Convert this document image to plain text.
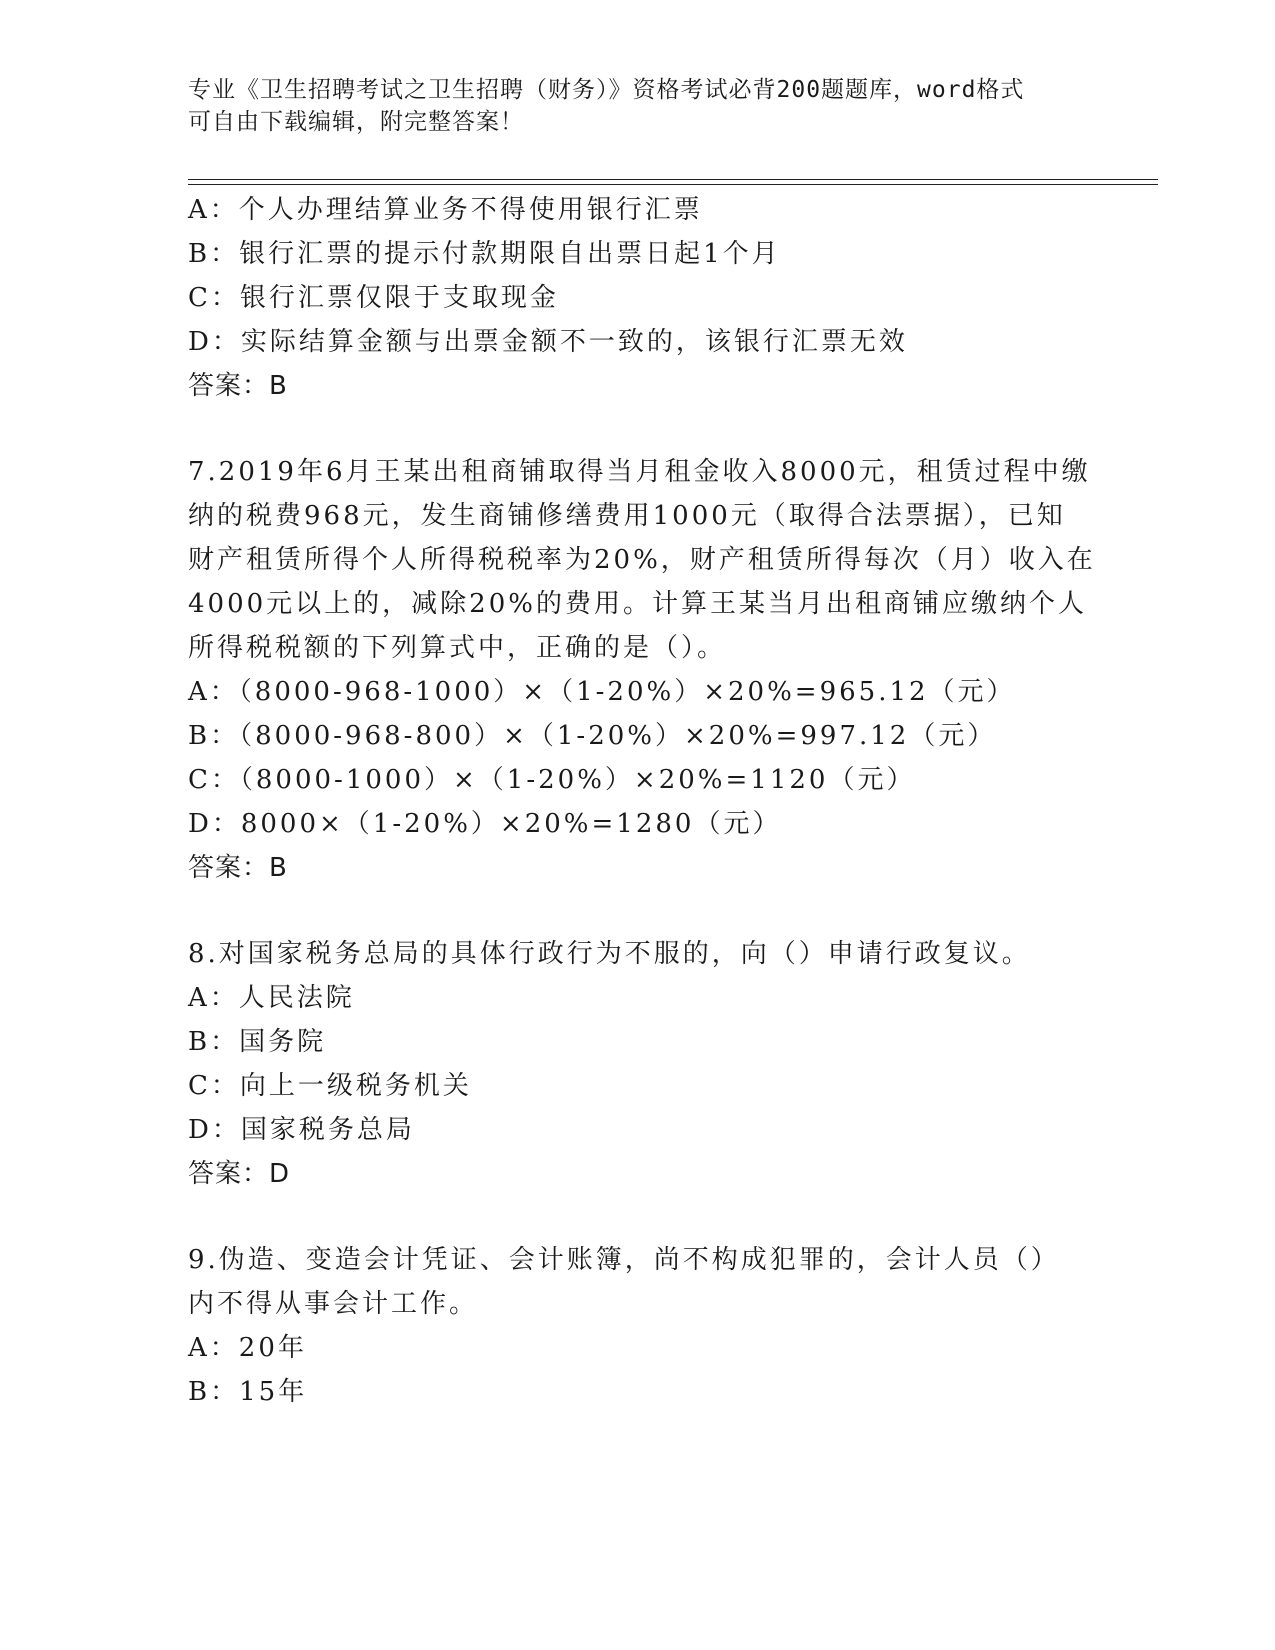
专业《卫生招聘考试之卫生招聘（财务）》资格考试必背200题题库，word格式
可自由下载编辑，附完整答案！
A：个人办理结算业务不得使用银行汇票
B：银行汇票的提示付款期限自出票日起1个月
C：银行汇票仅限于支取现金
D：实际结算金额与出票金额不一致的，该银行汇票无效
答案：B
7.2019年6月王某出租商铺取得当月租金收入8000元，租赁过程中缴
纳的税费968元，发生商铺修缮费用1000元（取得合法票据），已知
财产租赁所得个人所得税税率为20%，财产租赁所得每次（月）收入在
4000元以上的，减除20%的费用。计算王某当月出租商铺应缴纳个人
所得税税额的下列算式中，正确的是（）。
A：（8000-968-1000）×（1-20%）×20%=965.12（元）
B：（8000-968-800）×（1-20%）×20%=997.12（元）
C：（8000-1000）×（1-20%）×20%=1120（元）
D：8000×（1-20%）×20%=1280（元）
答案：B
8.对国家税务总局的具体行政行为不服的，向（）申请行政复议。
A：人民法院
B：国务院
C：向上一级税务机关
D：国家税务总局
答案：D
9.伪造、变造会计凭证、会计账簿，尚不构成犯罪的，会计人员（）
内不得从事会计工作。
A：20年
B：15年
